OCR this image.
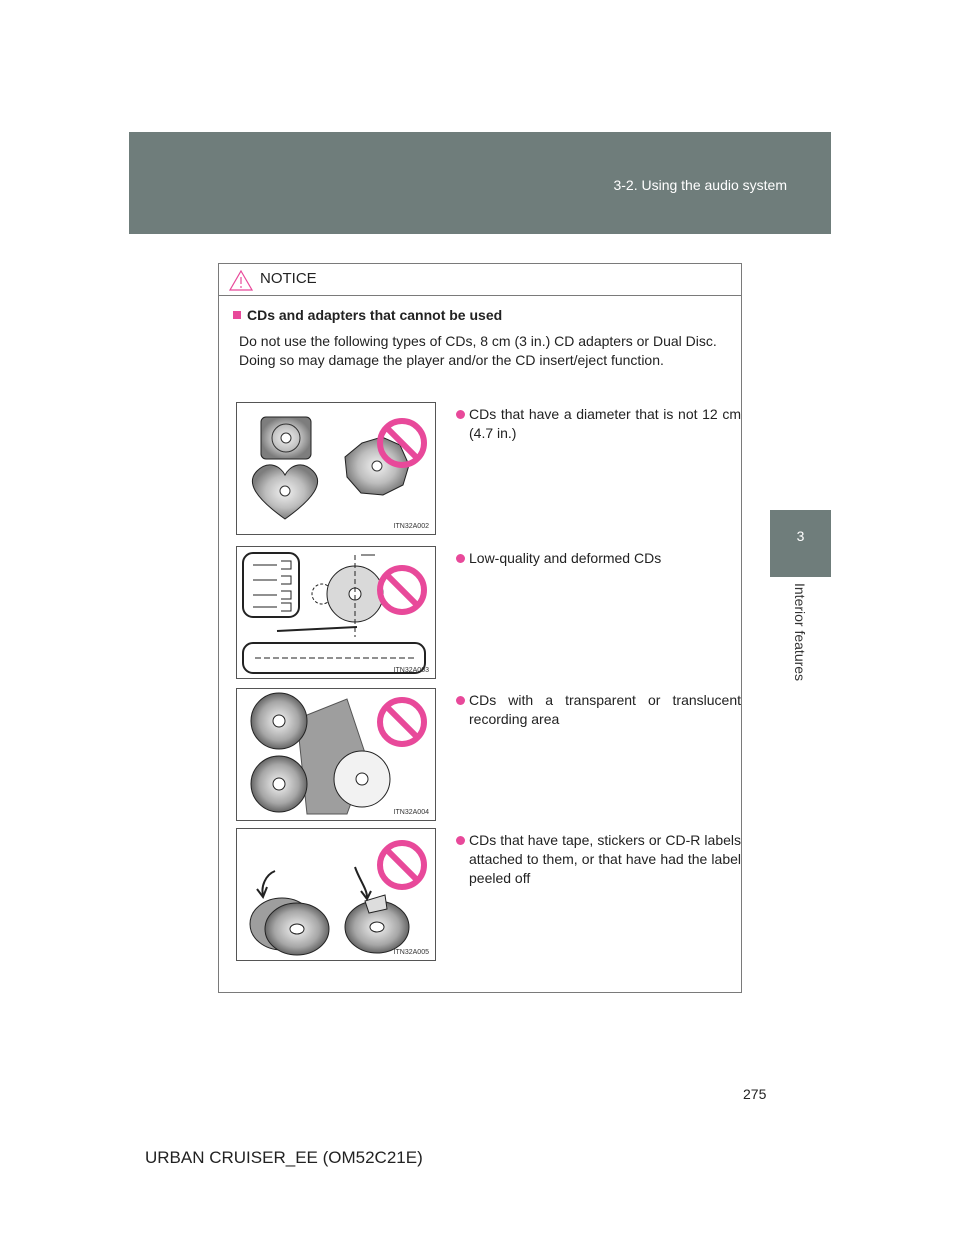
3-2. Using the audio system
3
Interior features
NOTICE
CDs and adapters that cannot be used

Do not use the following types of CDs, 8 cm (3 in.) CD adapters or Dual Disc.

Doing so may damage the player and/or the CD insert/eject function.

ITN32A002
CDs that have a diameter that is not 12 cm (4.7 in.)
ITN32A003
Low-quality and deformed CDs
ITN32A004
CDs with a transparent or translucent recording area
ITN32A005
CDs that have tape, stickers or CD-R labels attached to them, or that have had the label peeled off
275
URBAN CRUISER_EE (OM52C21E)
